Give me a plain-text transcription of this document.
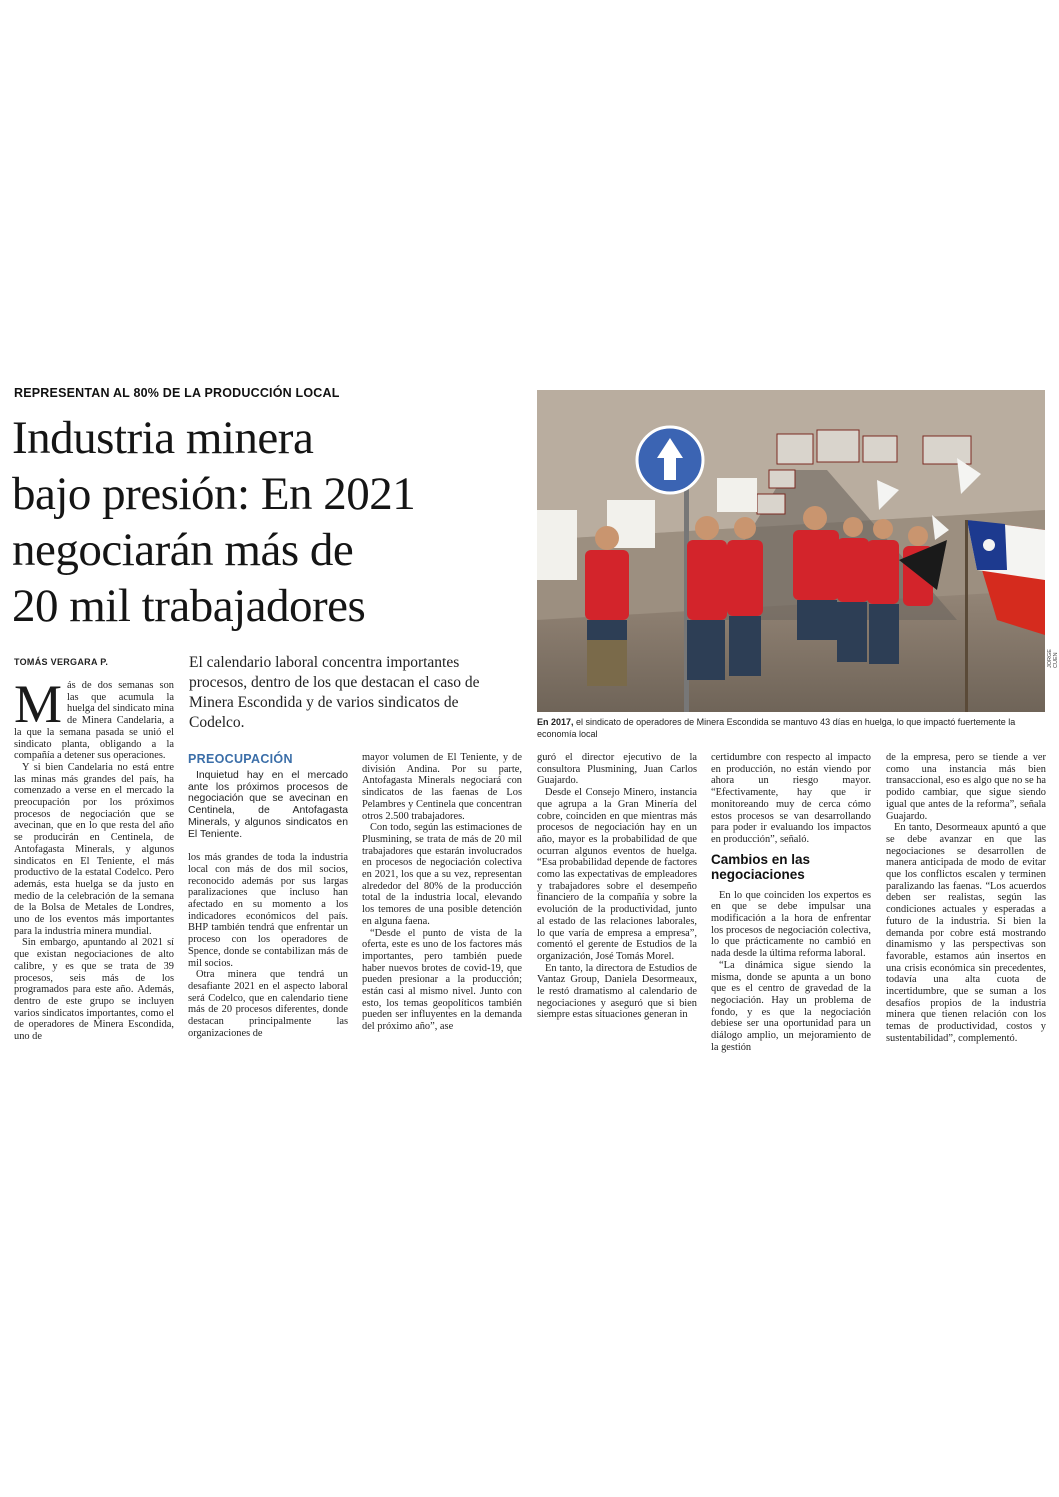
REPRESENTAN AL 80% DE LA PRODUCCIÓN LOCAL
Industria minera
bajo presión: En 2021
negociarán más de
20 mil trabajadores
TOMÁS VERGARA P.	El calendario laboral concentra importantes procesos, dentro de los que destacan el caso de Minera Escondida y de varios sindicatos de Codelco.

JORGE CUEN

En 2017, el sindicato de operadores de Minera Escondida se mantuvo 43 días en huelga, lo que impactó fuertemente la economía local

Más de dos semanas son las que acumula la huelga del sindicato mina de Minera Candelaria, a la que la semana pasada se unió el sindicato planta, obligando a la compañía a detener sus operaciones.

Y si bien Candelaria no está entre las minas más grandes del país, ha comenzado a verse en el mercado la preocupación por los próximos procesos de negociación que se avecinan, que en lo que resta del año se producirán en Centinela, de Antofagasta Minerals, y algunos sindicatos en El Teniente, el más productivo de la estatal Codelco. Pero además, esta huelga se da justo en medio de la celebración de la semana de la Bolsa de Metales de Londres, uno de los eventos más importantes para la industria minera mundial.

Sin embargo, apuntando al 2021 sí que existan negociaciones de alto calibre, y es que se trata de 39 procesos, seis más de los programados para este año. Además, dentro de este grupo se incluyen varios sindicatos importantes, como el de operadores de Minera Escondida, uno de

PREOCUPACIÓN

Inquietud hay en el mercado ante los próximos procesos de negociación que se avecinan en Centinela, de Antofagasta Minerals, y algunos sindicatos en El Teniente.

los más grandes de toda la industria local con más de dos mil socios, reconocido además por sus largas paralizaciones que incluso han afectado en su momento a los indicadores económicos del país. BHP también tendrá que enfrentar un proceso con los operadores de Spence, donde se contabilizan más de mil socios.

Otra minera que tendrá un desafiante 2021 en el aspecto laboral será Codelco, que en calendario tiene más de 20 procesos diferentes, donde destacan principalmente las organizaciones de

mayor volumen de El Teniente, y de división Andina. Por su parte, Antofagasta Minerals negociará con sindicatos de las faenas de Los Pelambres y Centinela que concentran otros 2.500 trabajadores.

Con todo, según las estimaciones de Plusmining, se trata de más de 20 mil trabajadores que estarán involucrados en procesos de negociación colectiva en 2021, los que a su vez, representan alrededor del 80% de la producción total de la industria local, elevando los temores de una posible detención en alguna faena.

“Desde el punto de vista de la oferta, este es uno de los factores más importantes, pero también puede haber nuevos brotes de covid-19, que pueden presionar a la producción; están casi al mismo nivel. Junto con esto, los temas geopolíticos también pueden ser influyentes en la demanda del próximo año”, ase

guró el director ejecutivo de la consultora Plusmining, Juan Carlos Guajardo.

Desde el Consejo Minero, instancia que agrupa a la Gran Minería del cobre, coinciden en que mientras más procesos de negociación hay en un año, mayor es la probabilidad de que ocurran algunos eventos de huelga. “Esa probabilidad depende de factores como las expectativas de empleadores y trabajadores sobre el desempeño financiero de la compañía y sobre la evolución de la productividad, junto al estado de las relaciones laborales, lo que varía de empresa a empresa”, comentó el gerente de Estudios de la organización, José Tomás Morel.

En tanto, la directora de Estudios de Vantaz Group, Daniela Desormeaux, le restó dramatismo al calendario de negociaciones y aseguró que si bien siempre estas situaciones generan in

certidumbre con respecto al impacto en producción, no están viendo por ahora un riesgo mayor. “Efectivamente, hay que ir monitoreando muy de cerca cómo estos procesos se van desarrollando para poder ir evaluando los impactos en producción”, señaló.

Cambios en las negociaciones

En lo que coinciden los expertos es en que se debe impulsar una modificación a la hora de enfrentar los procesos de negociación colectiva, lo que prácticamente no cambió en nada desde la última reforma laboral.

“La dinámica sigue siendo la misma, donde se apunta a un bono que es el centro de gravedad de la negociación. Hay un problema de fondo, y es que la negociación debiese ser una oportunidad para un diálogo amplio, un mejoramiento de la gestión

de la empresa, pero se tiende a ver como una instancia más bien transaccional, eso es algo que no se ha podido cambiar, que sigue siendo igual que antes de la reforma”, señala Guajardo.

En tanto, Desormeaux apuntó a que se debe avanzar en que las negociaciones se desarrollen de manera anticipada de modo de evitar que los conflictos escalen y terminen paralizando las faenas. “Los acuerdos deben ser realistas, según las condiciones actuales y esperadas a futuro de la industria. Si bien la demanda por cobre está mostrando dinamismo y las perspectivas son favorable, estamos aún insertos en una crisis económica sin precedentes, todavía una alta cuota de incertidumbre, que se suman a los desafíos propios de la industria minera que tienen relación con los temas de productividad, costos y sustentabilidad”, complementó.
